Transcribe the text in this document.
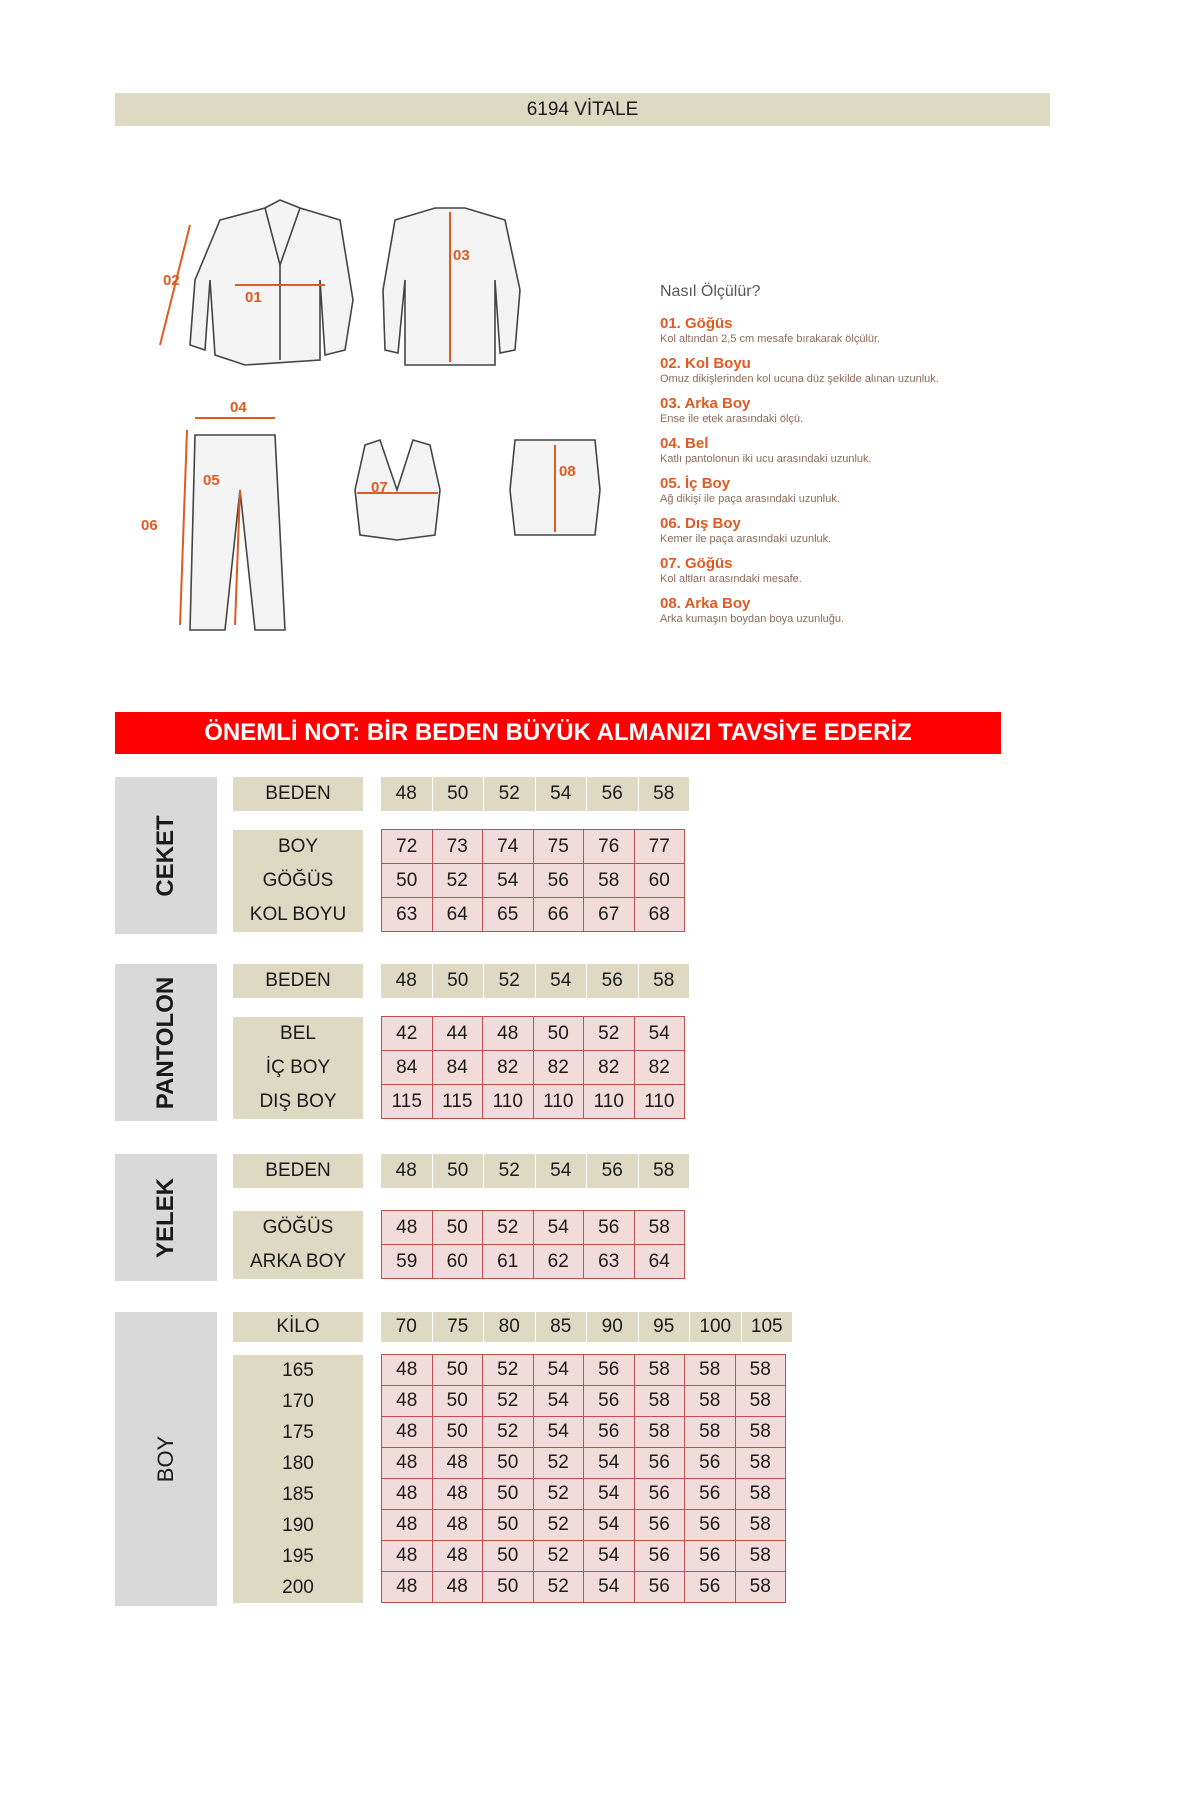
6194 VİTALE
01
02
03
04
05
06
07
08
Nasıl Ölçülür?
01. Göğüs
Kol altından 2,5 cm mesafe bırakarak ölçülür.
02. Kol Boyu
Omuz dikişlerinden kol ucuna düz şekilde alınan uzunluk.
03. Arka Boy
Ense ile etek arasındaki ölçü.
04. Bel
Katlı pantolonun iki ucu arasındaki uzunluk.
05. İç Boy
Ağ dikişi ile paça arasındaki uzunluk.
06. Dış Boy
Kemer ile paça arasındaki uzunluk.
07. Göğüs
Kol altları arasındaki mesafe.
08. Arka Boy
Arka kumaşın boydan boya uzunluğu.
ÖNEMLİ NOT: BİR BEDEN BÜYÜK ALMANIZI TAVSİYE EDERİZ
CEKET
BEDEN	48	50	52	54	56	58
BOY	72	73	74	75	76	77
GÖĞÜS	50	52	54	56	58	60
KOL BOYU	63	64	65	66	67	68
PANTOLON	BEDEN	48	50	52	54	56	58
BEL	42	44	48	50	52	54
İÇ BOY	84	84	82	82	82	82
DIŞ BOY	115	115	110	110	110	110
YELEK
BEDEN	48	50	52	54	56	58
GÖĞÜS	48	50	52	54	56	58
ARKA BOY	59	60	61	62	63	64
BOY
KİLO	70	75	80	85	90	95	100	105
165	48	50	52	54	56	58	58	58
170	48	50	52	54	56	58	58	58
175	48	50	52	54	56	58	58	58
180	48	48	50	52	54	56	56	58
185	48	48	50	52	54	56	56	58
190	48	48	50	52	54	56	56	58
195	48	48	50	52	54	56	56	58
200	48	48	50	52	54	56	56	58
